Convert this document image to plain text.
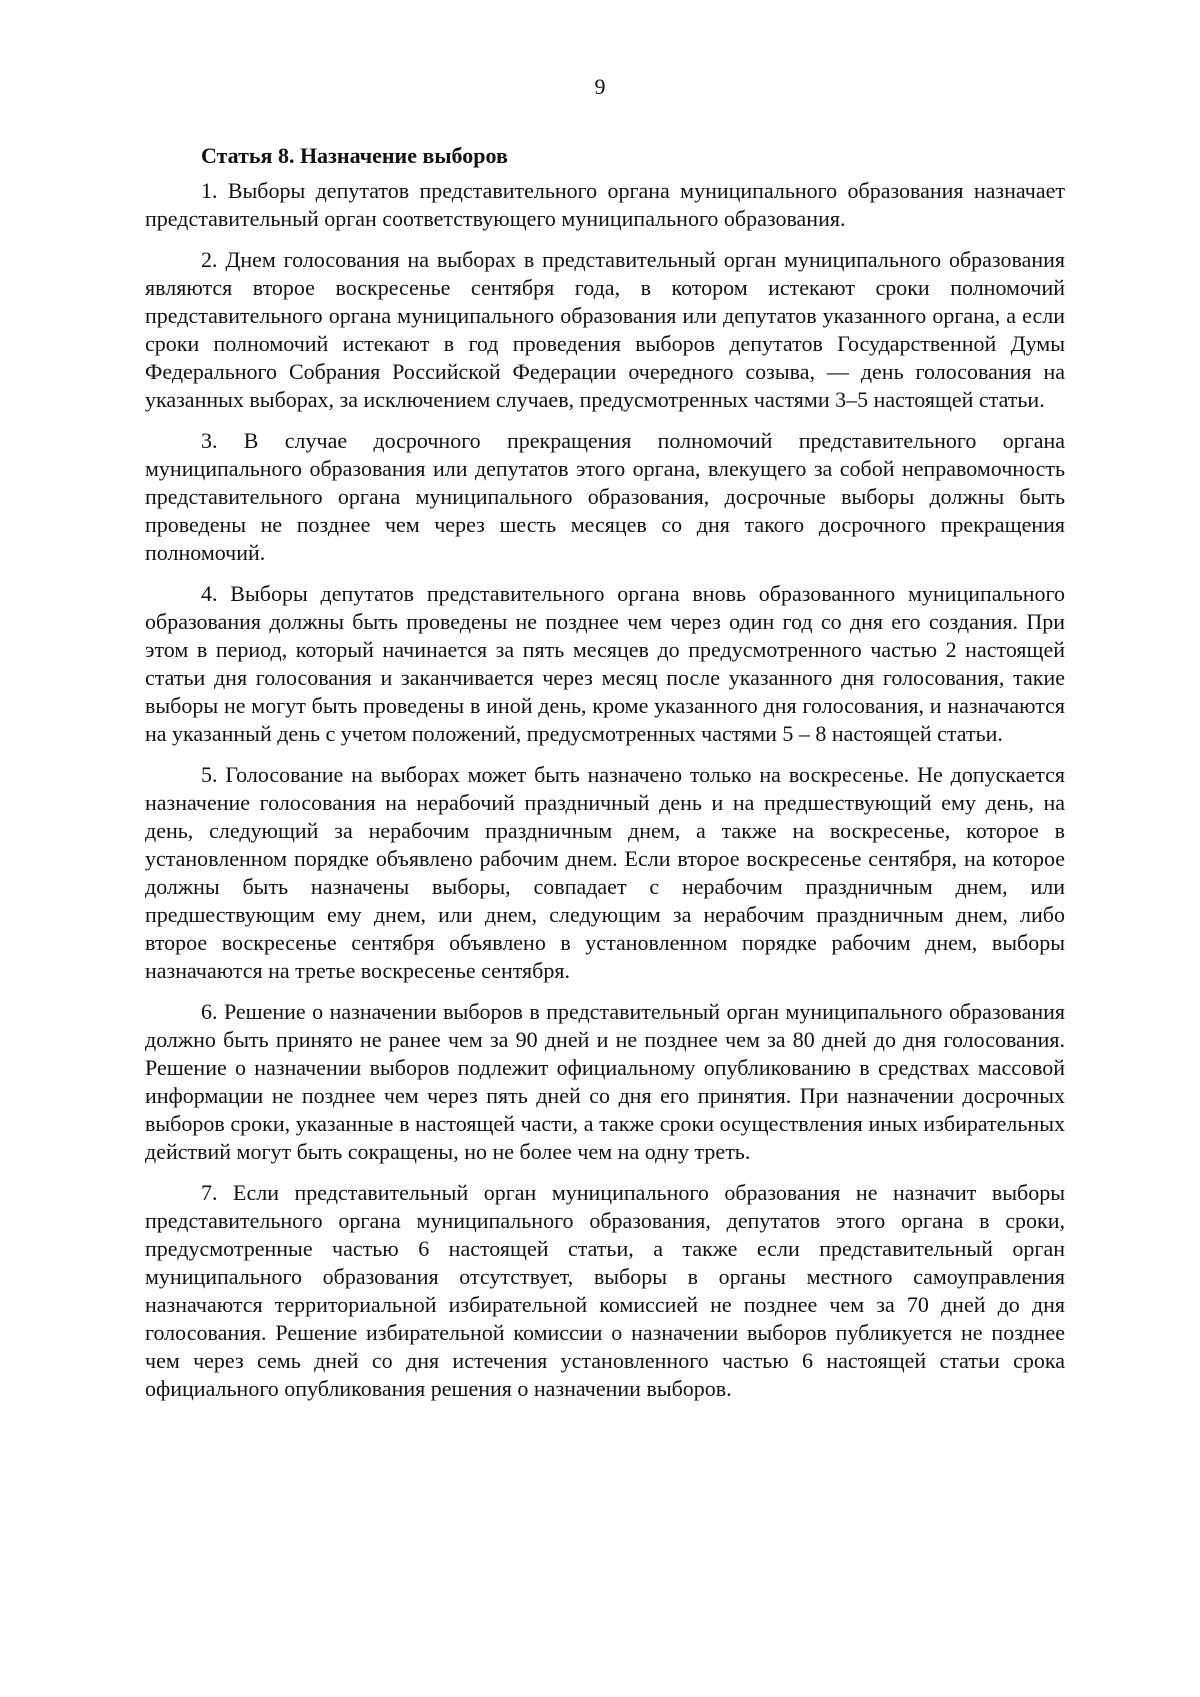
9
Статья 8. Назначение выборов

1. Выборы депутатов представительного органа муниципального образования назначает представительный орган соответствующего муниципального образования.

2. Днем голосования на выборах в представительный орган муниципального образования являются второе воскресенье сентября года, в котором истекают сроки полномочий представительного органа муниципального образования или депутатов указанного органа, а если сроки полномочий истекают в год проведения выборов депутатов Государственной Думы Федерального Собрания Российской Федерации очередного созыва, — день голосования на указанных выборах, за исключением случаев, предусмотренных частями 3–5 настоящей статьи.

3. В случае досрочного прекращения полномочий представительного органа муниципального образования или депутатов этого органа, влекущего за собой неправомочность представительного органа муниципального образования, досрочные выборы должны быть проведены не позднее чем через шесть месяцев со дня такого досрочного прекращения полномочий.

4. Выборы депутатов представительного органа вновь образованного муниципального образования должны быть проведены не позднее чем через один год со дня его создания. При этом в период, который начинается за пять месяцев до предусмотренного частью 2 настоящей статьи дня голосования и заканчивается через месяц после указанного дня голосования, такие выборы не могут быть проведены в иной день, кроме указанного дня голосования, и назначаются на указанный день с учетом положений, предусмотренных частями 5 – 8 настоящей статьи.

5. Голосование на выборах может быть назначено только на воскресенье. Не допускается назначение голосования на нерабочий праздничный день и на предшествующий ему день, на день, следующий за нерабочим праздничным днем, а также на воскресенье, которое в установленном порядке объявлено рабочим днем. Если второе воскресенье сентября, на которое должны быть назначены выборы, совпадает с нерабочим праздничным днем, или предшествующим ему днем, или днем, следующим за нерабочим праздничным днем, либо второе воскресенье сентября объявлено в установленном порядке рабочим днем, выборы назначаются на третье воскресенье сентября.

6. Решение о назначении выборов в представительный орган муниципального образования должно быть принято не ранее чем за 90 дней и не позднее чем за 80 дней до дня голосования. Решение о назначении выборов подлежит официальному опубликованию в средствах массовой информации не позднее чем через пять дней со дня его принятия. При назначении досрочных выборов сроки, указанные в настоящей части, а также сроки осуществления иных избирательных действий могут быть сокращены, но не более чем на одну треть.

7. Если представительный орган муниципального образования не назначит выборы представительного органа муниципального образования, депутатов этого органа в сроки, предусмотренные частью 6 настоящей статьи, а также если представительный орган муниципального образования отсутствует, выборы в органы местного самоуправления назначаются территориальной избирательной комиссией не позднее чем за 70 дней до дня голосования. Решение избирательной комиссии о назначении выборов публикуется не позднее чем через семь дней со дня истечения установленного частью 6 настоящей статьи срока официального опубликования решения о назначении выборов.
